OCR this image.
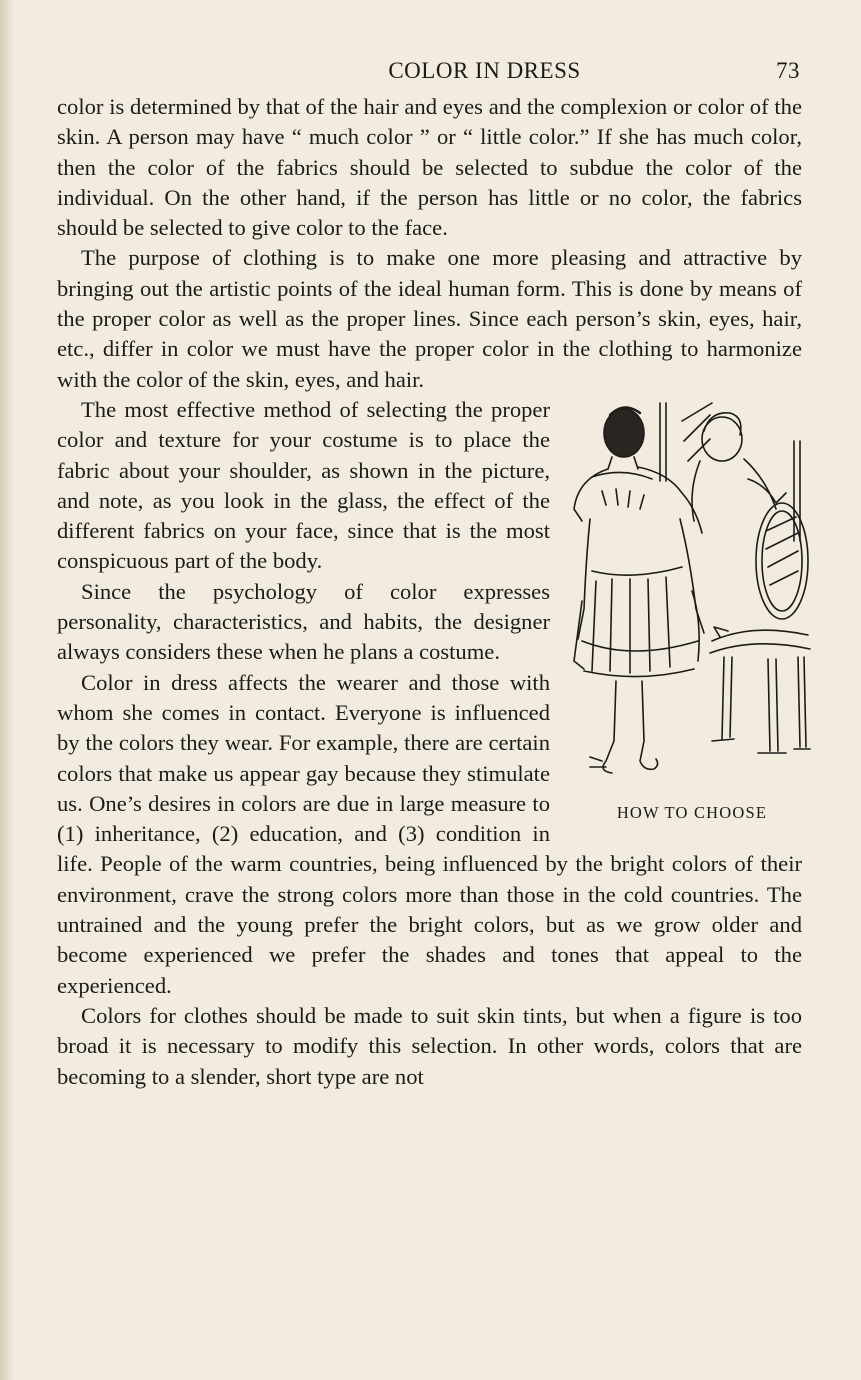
COLOR IN DRESS	73

color is determined by that of the hair and eyes and the complexion or color of the skin. A person may have “ much color ” or “ little color.” If she has much color, then the color of the fabrics should be selected to subdue the color of the individual. On the other hand, if the person has little or no color, the fabrics should be selected to give color to the face.

The purpose of clothing is to make one more pleasing and attractive by bringing out the artistic points of the ideal human form. This is done by means of the proper color as well as the proper lines. Since each person’s skin, eyes, hair, etc., differ in color we must have the proper color in the clothing to harmonize with the color of the skin, eyes, and hair.

HOW TO CHOOSE

The most effective method of selecting the proper color and texture for your costume is to place the fabric about your shoulder, as shown in the picture, and note, as you look in the glass, the effect of the different fabrics on your face, since that is the most conspicuous part of the body.

Since the psychology of color expresses personality, characteristics, and habits, the designer always considers these when he plans a costume.

Color in dress affects the wearer and those with whom she comes in contact. Everyone is influenced by the colors they wear. For example, there are certain colors that make us appear gay because they stimulate us. One’s desires in colors are due in large measure to (1) inheritance, (2) education, and (3) condition in life. People of the warm countries, being influenced by the bright colors of their environment, crave the strong colors more than those in the cold countries. The untrained and the young prefer the bright colors, but as we grow older and become experienced we prefer the shades and tones that appeal to the experienced.

Colors for clothes should be made to suit skin tints, but when a figure is too broad it is necessary to modify this selection. In other words, colors that are becoming to a slender, short type are not
